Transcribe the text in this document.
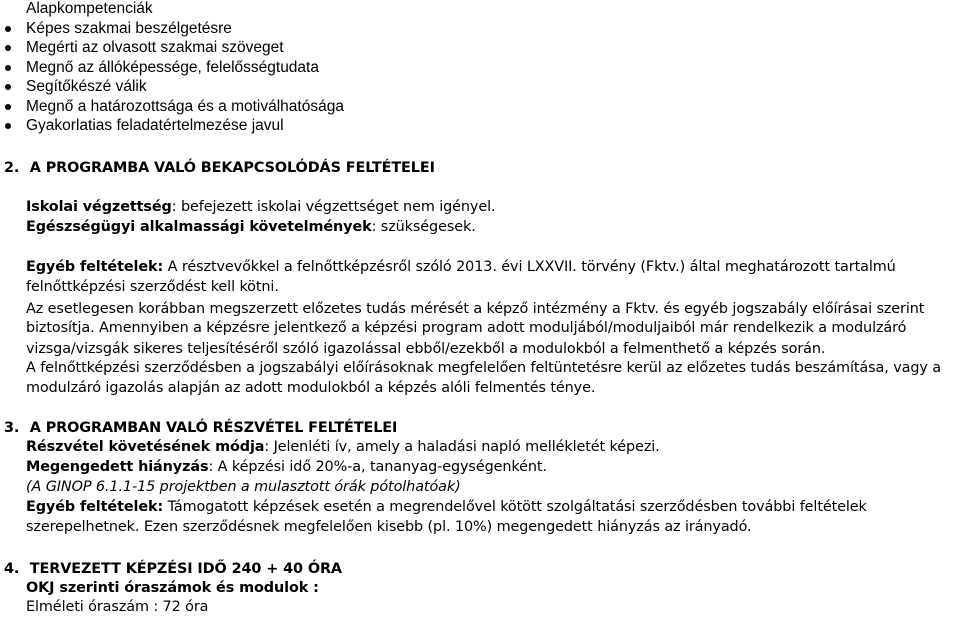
Alapkompetenciák
Képes szakmai beszélgetésre
Megérti az olvasott szakmai szöveget
Megnő az állóképessége, felelősségtudata
Segítőkészé válik
Megnő a határozottsága és a motiválhatósága
Gyakorlatias feladatértelmezése javul
2. A PROGRAMBA VALÓ BEKAPCSOLÓDÁS FELTÉTELEI
Iskolai végzettség: befejezett iskolai végzettséget nem igényel.
Egészségügyi alkalmassági követelmények: szükségesek.
Egyéb feltételek: A résztvevőkkel a felnőttképzésről szóló 2013. évi LXXVII. törvény (Fktv.) által meghatározott tartalmú
felnőttképzési szerződést kell kötni.
Az esetlegesen korábban megszerzett előzetes tudás mérését a képző intézmény a Fktv. és egyéb jogszabály előírásai szerint
biztosítja. Amennyiben a képzésre jelentkező a képzési program adott moduljából/moduljaiból már rendelkezik a modulzáró
vizsga/vizsgák sikeres teljesítéséről szóló igazolással ebből/ezekből a modulokból a felmenthető a képzés során.
A felnőttképzési szerződésben a jogszabályi előírásoknak megfelelően feltüntetésre kerül az előzetes tudás beszámítása, vagy a
modulzáró igazolás alapján az adott modulokból a képzés alóli felmentés ténye.
3. A PROGRAMBAN VALÓ RÉSZVÉTEL FELTÉTELEI
Részvétel követésének módja: Jelenléti ív, amely a haladási napló mellékletét képezi.
Megengedett hiányzás: A képzési idő 20%-a, tananyag-egységenként.
(A GINOP 6.1.1-15 projektben a mulasztott órák pótolhatóak)
Egyéb feltételek: Támogatott képzések esetén a megrendelővel kötött szolgáltatási szerződésben további feltételek
szerepelhetnek. Ezen szerződésnek megfelelően kisebb (pl. 10%) megengedett hiányzás az irányadó.
4. TERVEZETT KÉPZÉSI IDŐ 240 + 40 ÓRA
OKJ szerinti óraszámok és modulok :
Elméleti óraszám : 72 óra
